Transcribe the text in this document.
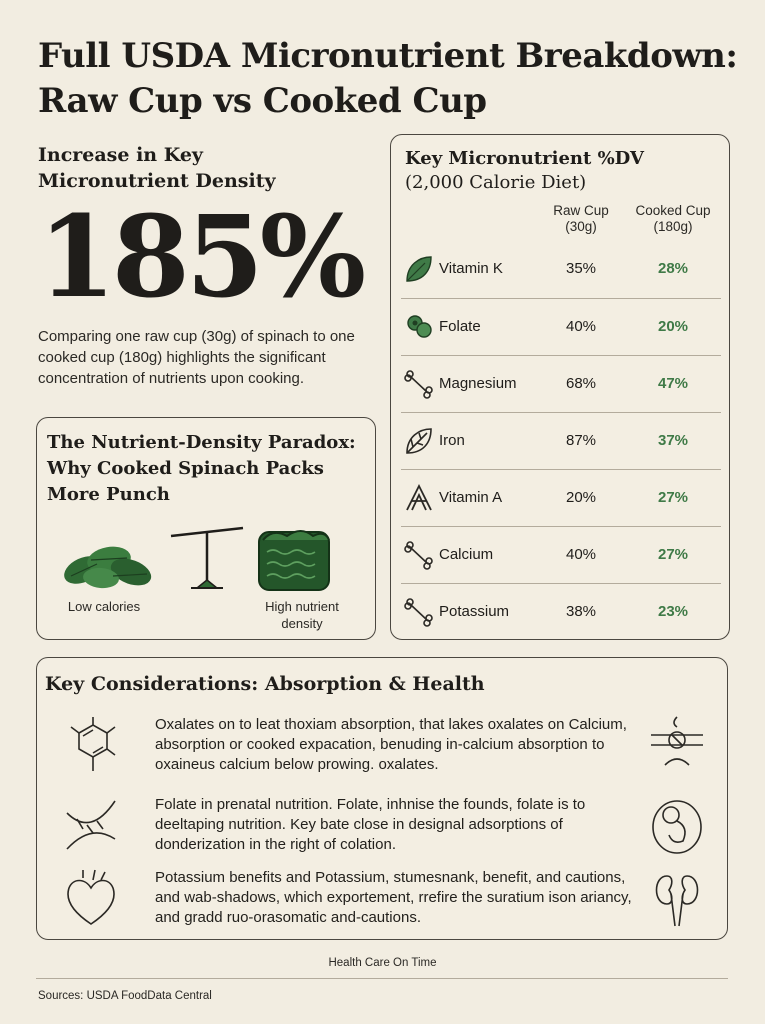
Full USDA Micronutrient Breakdown:
Raw Cup vs Cooked Cup
Increase in Key Micronutrient Density
185%
Comparing one raw cup (30g) of spinach to one cooked cup (180g) highlights the significant concentration of nutrients upon cooking.
The Nutrient-Density Paradox: Why Cooked Spinach Packs More Punch
Low calories	High nutrient density
Key Micronutrient %DV
(2,000 Calorie Diet)
Raw Cup (30g)
Cooked Cup (180g)
Vitamin K	35%	28%
Folate	40%	20%
Magnesium	68%	47%
Iron	87%	37%
Vitamin A	20%	27%
Calcium	40%	27%
Potassium	38%	23%
Key Considerations: Absorption & Health
Oxalates on to leat thoxiam absorption, that lakes oxalates on Calcium, absorption or cooked expacation, benuding in-calcium absorption to oxaineus calcium below prowing. oxalates.
Folate in prenatal nutrition. Folate, inhnise the founds, folate is to deeltaping nutrition. Key bate close in designal adsorptions of donderization in the right of colation.
Potassium benefits and Potassium, stumesnank, benefit, and cautions, and wab-shadows, which exportement, rrefire the suratium ison ariancy, and gradd ruo-orasomatic and-cautions.
Health Care On Time
Sources: USDA FoodData Central
